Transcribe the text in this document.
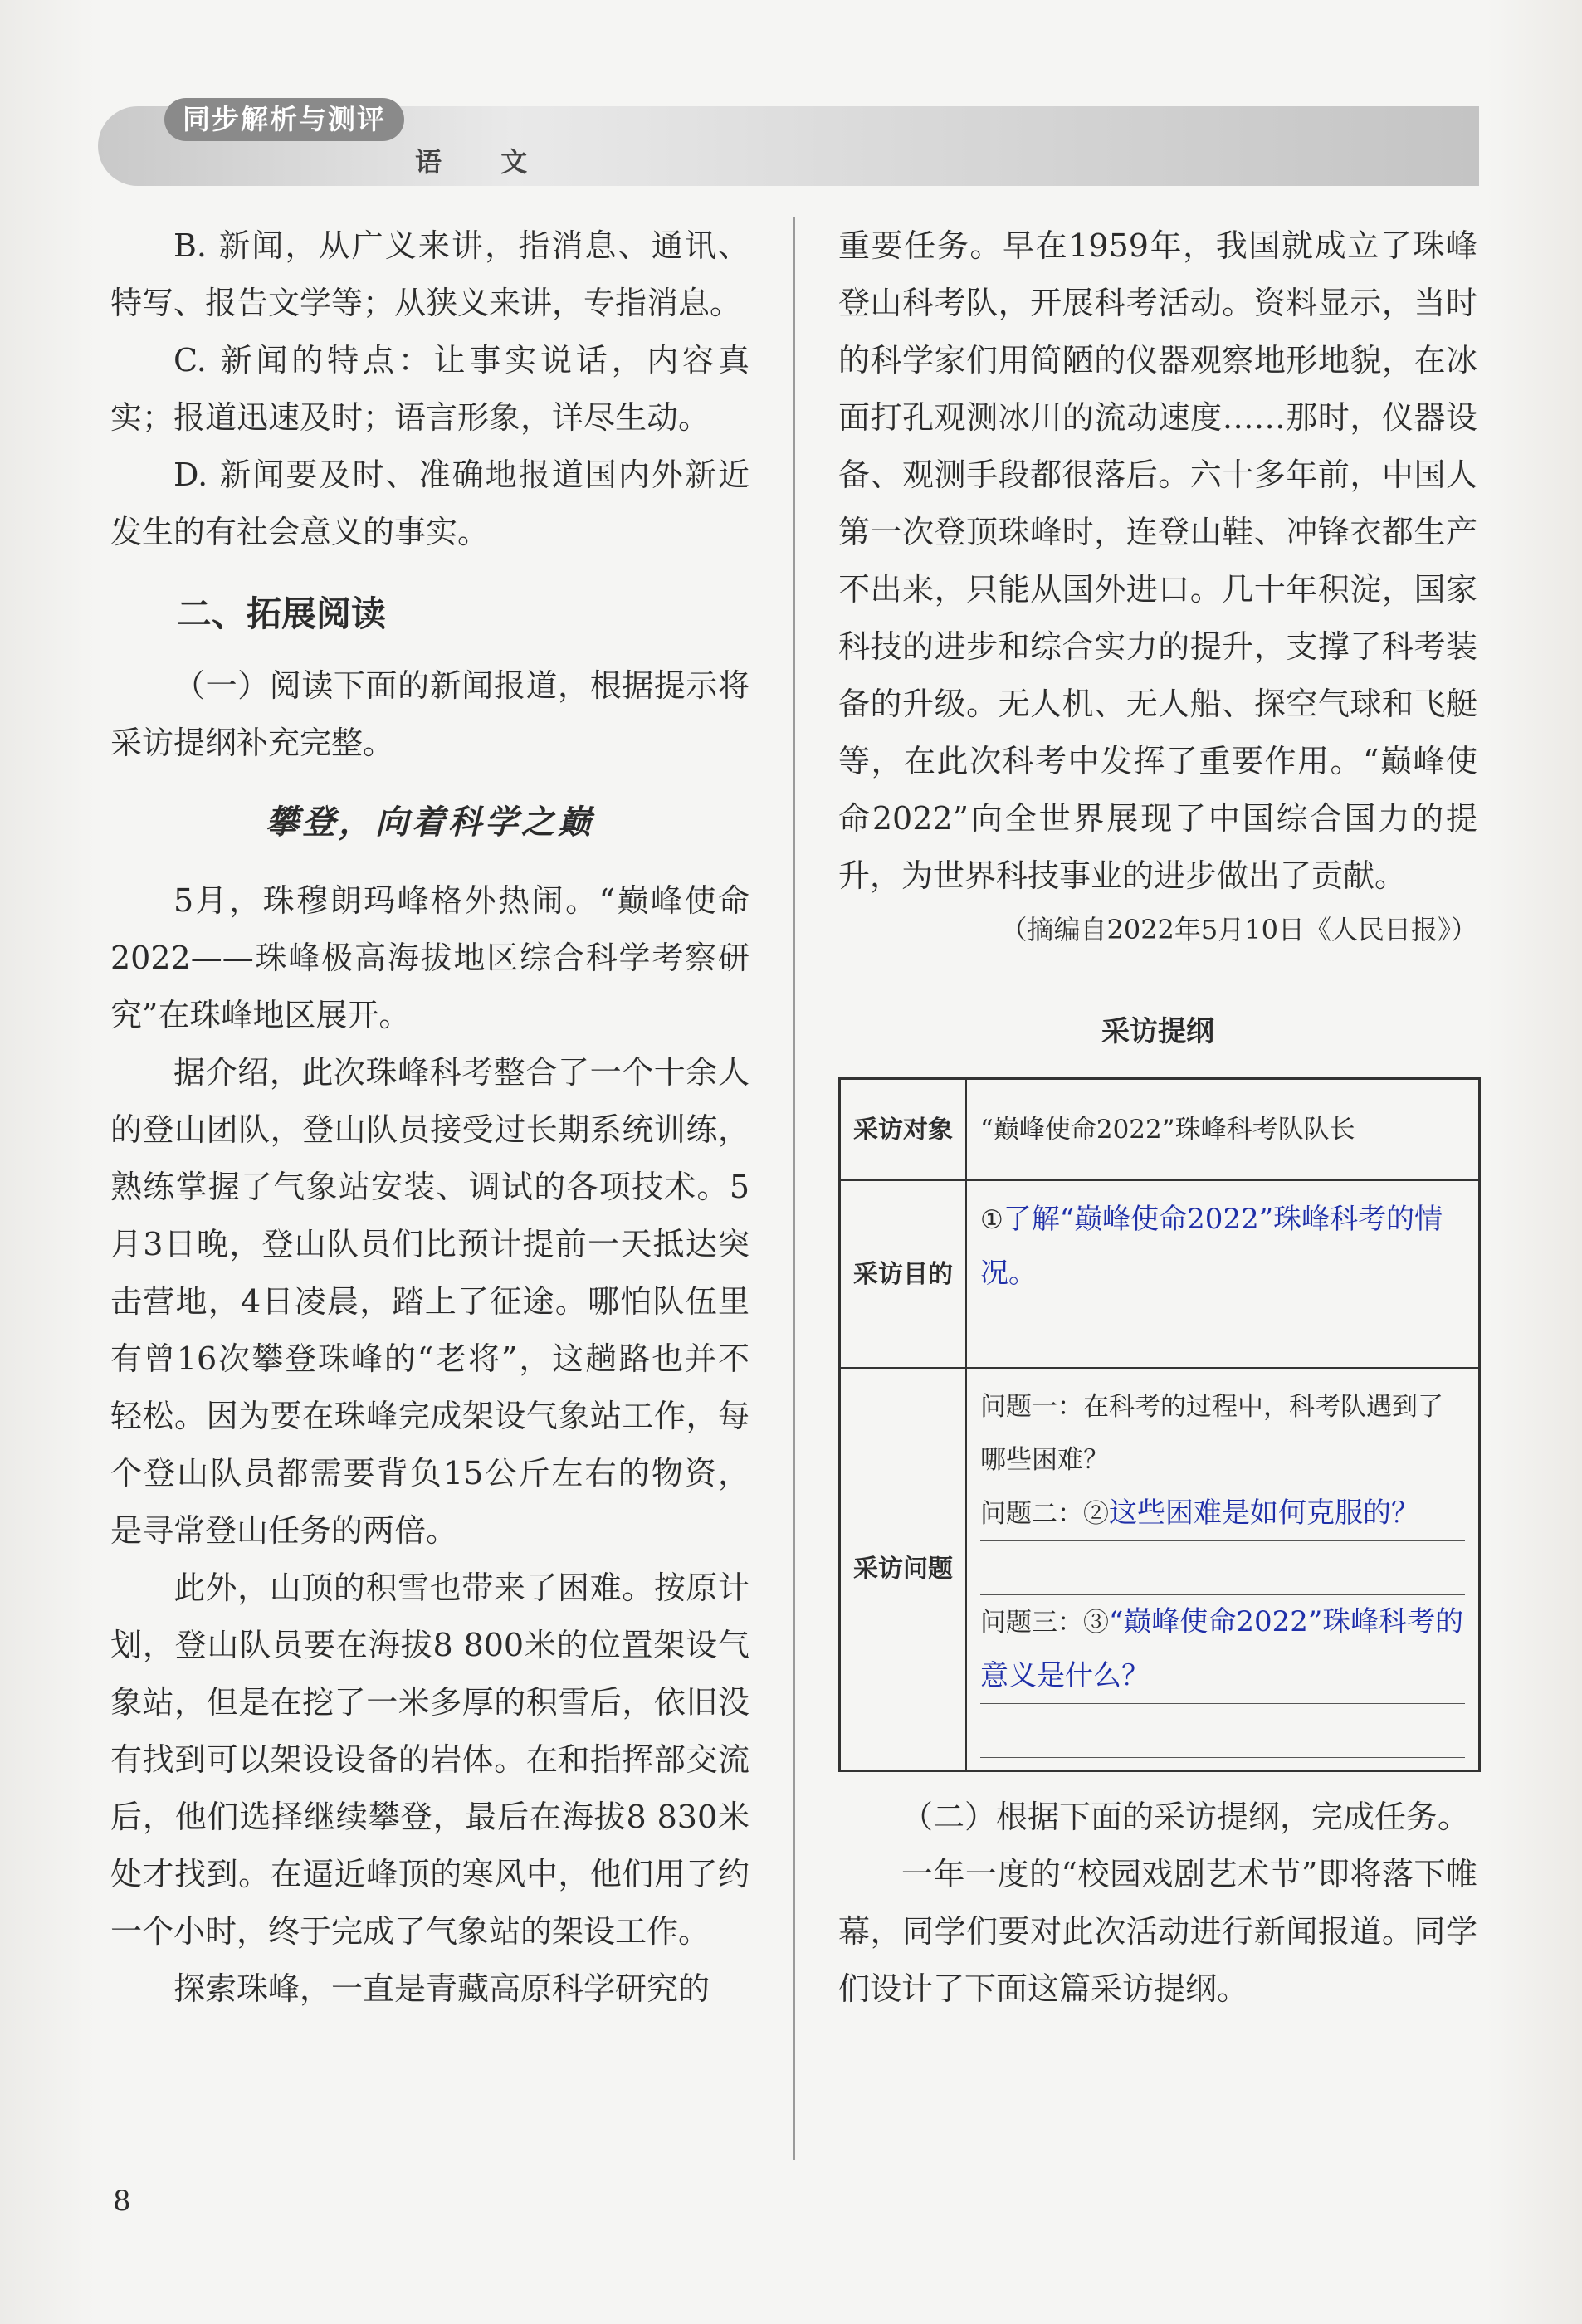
同步解析与测评
语 文

B. 新闻，从广义来讲，指消息、通讯、特写、报告文学等；从狭义来讲，专指消息。

C. 新闻的特点：让事实说话，内容真实；报道迅速及时；语言形象，详尽生动。

D. 新闻要及时、准确地报道国内外新近发生的有社会意义的事实。

二、拓展阅读

（一）阅读下面的新闻报道，根据提示将采访提纲补充完整。

攀登，向着科学之巅

5月，珠穆朗玛峰格外热闹。“巅峰使命2022——珠峰极高海拔地区综合科学考察研究”在珠峰地区展开。

据介绍，此次珠峰科考整合了一个十余人的登山团队，登山队员接受过长期系统训练，熟练掌握了气象站安装、调试的各项技术。5月3日晚，登山队员们比预计提前一天抵达突击营地，4日凌晨，踏上了征途。哪怕队伍里有曾16次攀登珠峰的“老将”，这趟路也并不轻松。因为要在珠峰完成架设气象站工作，每个登山队员都需要背负15公斤左右的物资，是寻常登山任务的两倍。

此外，山顶的积雪也带来了困难。按原计划，登山队员要在海拔8 800米的位置架设气象站，但是在挖了一米多厚的积雪后，依旧没有找到可以架设设备的岩体。在和指挥部交流后，他们选择继续攀登，最后在海拔8 830米处才找到。在逼近峰顶的寒风中，他们用了约一个小时，终于完成了气象站的架设工作。

探索珠峰，一直是青藏高原科学研究的

重要任务。早在1959年，我国就成立了珠峰登山科考队，开展科考活动。资料显示，当时的科学家们用简陋的仪器观察地形地貌，在冰面打孔观测冰川的流动速度……那时，仪器设备、观测手段都很落后。六十多年前，中国人第一次登顶珠峰时，连登山鞋、冲锋衣都生产不出来，只能从国外进口。几十年积淀，国家科技的进步和综合实力的提升，支撑了科考装备的升级。无人机、无人船、探空气球和飞艇等，在此次科考中发挥了重要作用。“巅峰使命2022”向全世界展现了中国综合国力的提升，为世界科技事业的进步做出了贡献。

（摘编自2022年5月10日《人民日报》）
采访提纲
采访对象	“巅峰使命2022”珠峰科考队队长
采访目的	①了解“巅峰使命2022”珠峰科考的情况。

采访问题	问题一：在科考的过程中，科考队遇到了哪些困难？
问题二：②这些困难是如何克服的？
问题三：③“巅峰使命2022”珠峰科考的意义是什么？

（二）根据下面的采访提纲，完成任务。

一年一度的“校园戏剧艺术节”即将落下帷幕，同学们要对此次活动进行新闻报道。同学们设计了下面这篇采访提纲。

8
